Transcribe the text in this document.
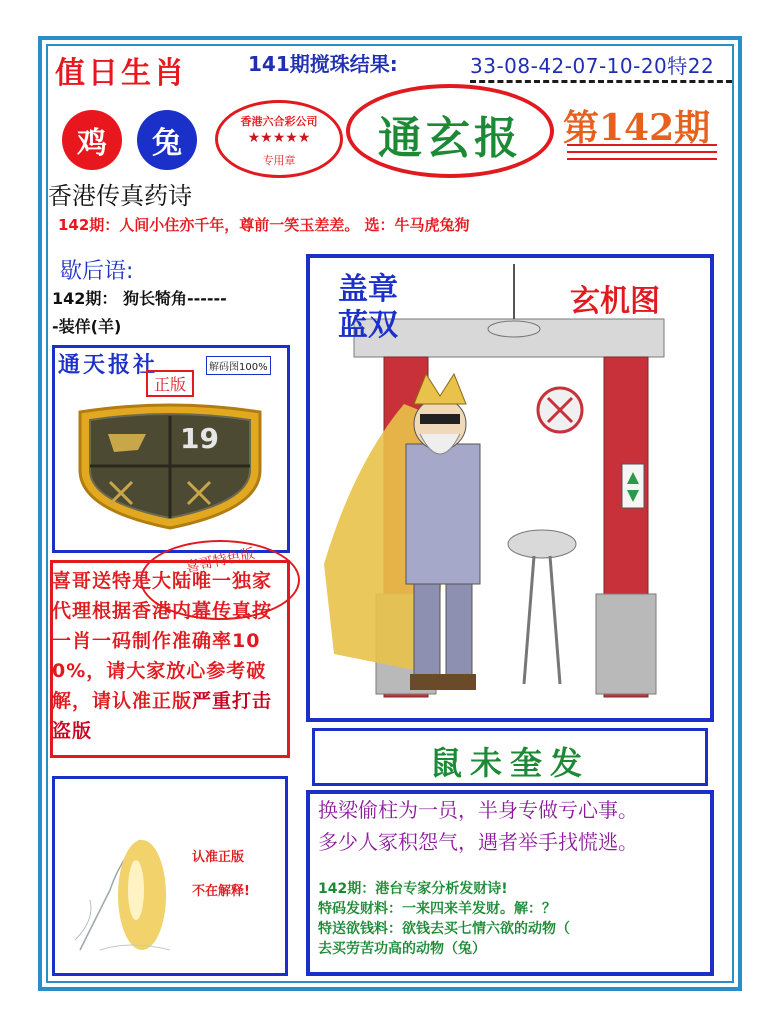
值日生肖	141期搅珠结果:	33-08-42-07-10-20特22
鸡 兔
香港六合彩公司
★★★★★
专用章	通玄报	第142期
香港传真药诗
142期：人间小住亦千年，尊前一笑玉差差。 选：牛马虎兔狗
歇后语:
142期： 狗长犄角------
-装佯(羊)
通天报社	解码图100%
正版
19
喜哥送特是大陆唯一独家代理根据香港内幕传真按一肖一码制作准确率100%，请大家放心参考破解，请认准正版严重打击盗版
喜哥特色版
认准正版
不在解释!
盖章
蓝双
玄机图
鼠未奎发
换梁偷柱为一员，半身专做亏心事。
多少人冢积怨气，遇者举手找慌逃。
142期：港台专家分析发财诗!
特码发财料：一来四来羊发财。解：？
特送欲钱料：欲钱去买七情六欲的动物（
去买劳苦功高的动物（兔）
